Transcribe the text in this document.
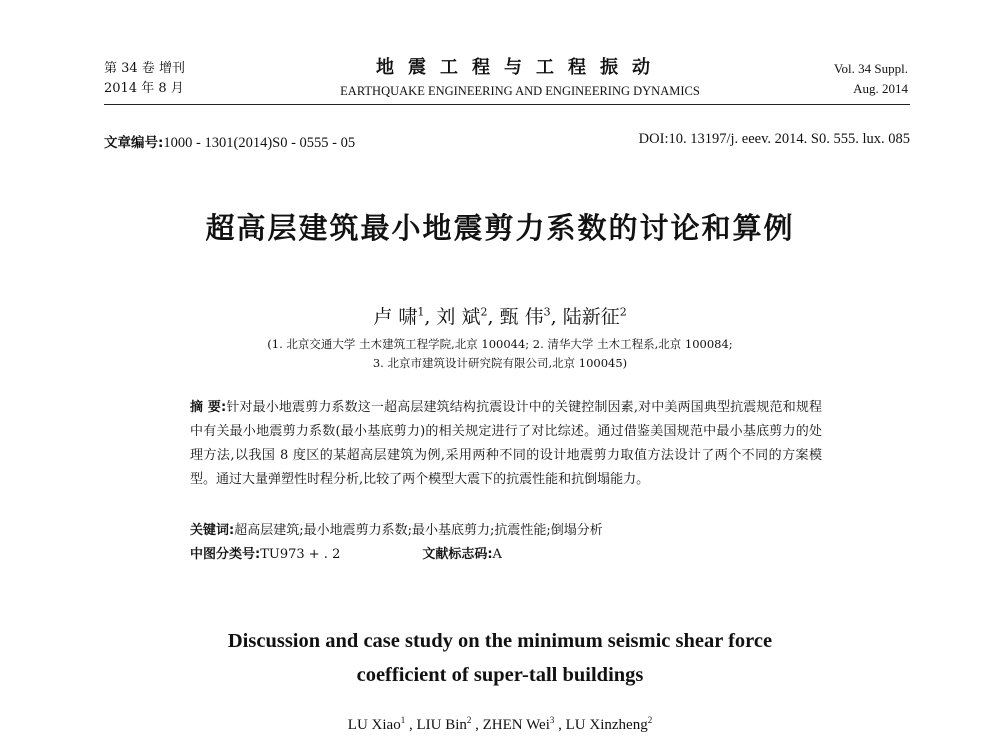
第 34 卷 增刊
2014 年 8 月
地震工程与工程振动
EARTHQUAKE ENGINEERING AND ENGINEERING DYNAMICS
Vol. 34 Suppl.
Aug. 2014
文章编号:1000 - 1301(2014)S0 - 0555 - 05	DOI:10. 13197/j. eeev. 2014. S0. 555. lux. 085
超高层建筑最小地震剪力系数的讨论和算例
卢 啸$^1$, 刘 斌$^2$, 甄 伟$^3$, 陆新征$^2$
(1. 北京交通大学 土木建筑工程学院,北京 100044; 2. 清华大学 土木工程系,北京 100084;
3. 北京市建筑设计研究院有限公司,北京 100045)
摘 要:针对最小地震剪力系数这一超高层建筑结构抗震设计中的关键控制因素,对中美两国典型抗震规范和规程中有关最小地震剪力系数(最小基底剪力)的相关规定进行了对比综述。通过借鉴美国规范中最小基底剪力的处理方法,以我国 8 度区的某超高层建筑为例,采用两种不同的设计地震剪力取值方法设计了两个不同的方案模型。通过大量弹塑性时程分析,比较了两个模型大震下的抗震性能和抗倒塌能力。
关键词:超高层建筑;最小地震剪力系数;最小基底剪力;抗震性能;倒塌分析
中图分类号:TU973 + . 2	文献标志码:A
Discussion and case study on the minimum seismic shear force
coefficient of super-tall buildings
LU Xiao$^1$ , LIU Bin$^2$ , ZHEN Wei$^3$ , LU Xinzheng$^2$
